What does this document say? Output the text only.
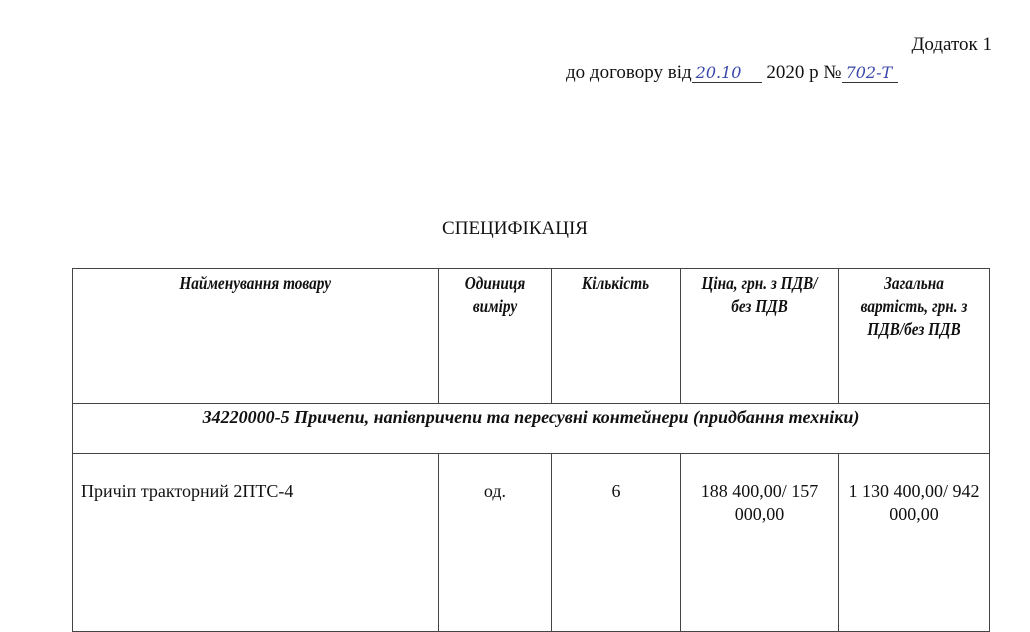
Додаток 1
до договору від 20.10 2020 р № 702-Т
СПЕЦИФІКАЦІЯ
Найменування товару	Одиниця виміру	Кількість	Ціна, грн. з ПДВ/без ПДВ	Загальна вартість, грн. з ПДВ/без ПДВ
34220000-5 Причепи, напівпричепи та пересувні контейнери (придбання техніки)				
Причіп тракторний 2ПТС-4	од.	6	188 400,00/ 157 000,00	1 130 400,00/ 942 000,00
